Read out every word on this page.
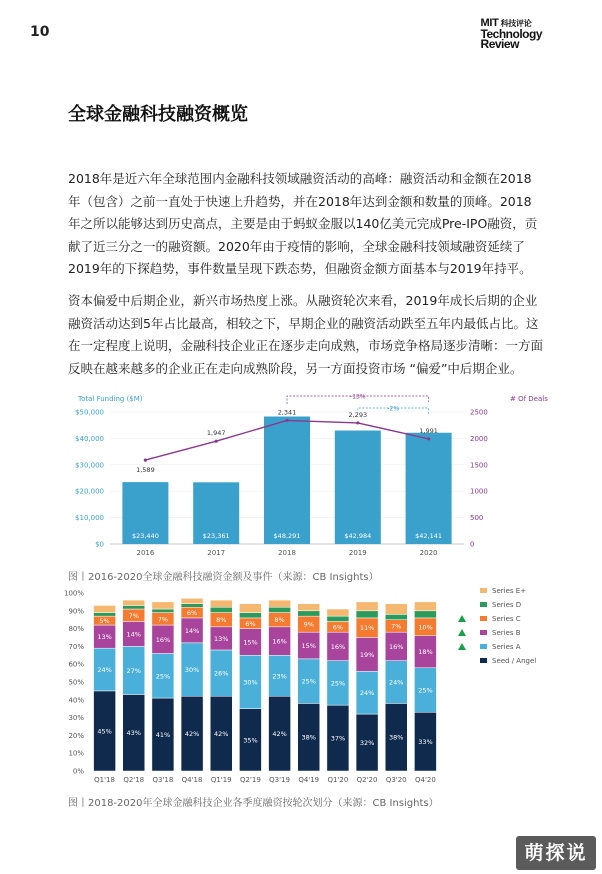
10
MIT 科技评论
Technology
Review
全球金融科技融资概览
2018年是近六年全球范围内金融科技领域融资活动的高峰：融资活动和金额在2018年（包含）之前一直处于快速上升趋势，并在2018年达到金额和数量的顶峰。2018年之所以能够达到历史高点，主要是由于蚂蚁金服以140亿美元完成Pre-IPO融资，贡献了近三分之一的融资额。2020年由于疫情的影响，全球金融科技领域融资延续了2019年的下探趋势，事件数量呈现下跌态势，但融资金额方面基本与2019年持平。
资本偏爱中后期企业，新兴市场热度上涨。从融资轮次来看，2019年成长后期的企业融资活动达到5年占比最高，相较之下，早期企业的融资活动跌至五年内最低占比。这在一定程度上说明，金融科技企业正在逐步走向成熟，市场竞争格局逐步清晰：一方面反映在越来越多的企业正在走向成熟阶段，另一方面投资市场 “偏爱”中后期企业。
Total Funding ($M)	# Of Deals
$0
$10,000
$20,000
$30,000
$40,000
$50,000
0
500
1000
1500
2000
2500
$23,440
2016
$23,361
2017
$48,291
2018
$42,984
2019
$42,141
2020
1,589
1,947
2,341	2,293
1,991
-13%
-2%
图丨2016-2020全球金融科技融资金额及事件（来源：CB Insights）
0%
10%
20%
30%
40%
50%
60%
70%
80%
90%
100%
45%
24%
13%
5%
Q1'18
43%
27%
14%
7%
Q2'18
41%
25%
16%
7%
Q3'18
42%
30%
14%
6%
Q4'18
42%
26%
13%
8%
Q1'19
35%
30%
15%
6%
Q2'19
42%
23%
16%
8%
Q3'19
38%
25%
15%
9%
Q4'19
37%
25%
16%
6%
Q1'20
32%
24%
19%
11%
Q2'20
38%
24%
16%
7%
Q3'20
33%
25%
18%
10%
Q4'20
Series E+
Series D
Series C
Series B
Series A
Seed / Angel
图丨2018-2020年全球金融科技企业各季度融资按轮次划分（来源：CB Insights）
萌探说
